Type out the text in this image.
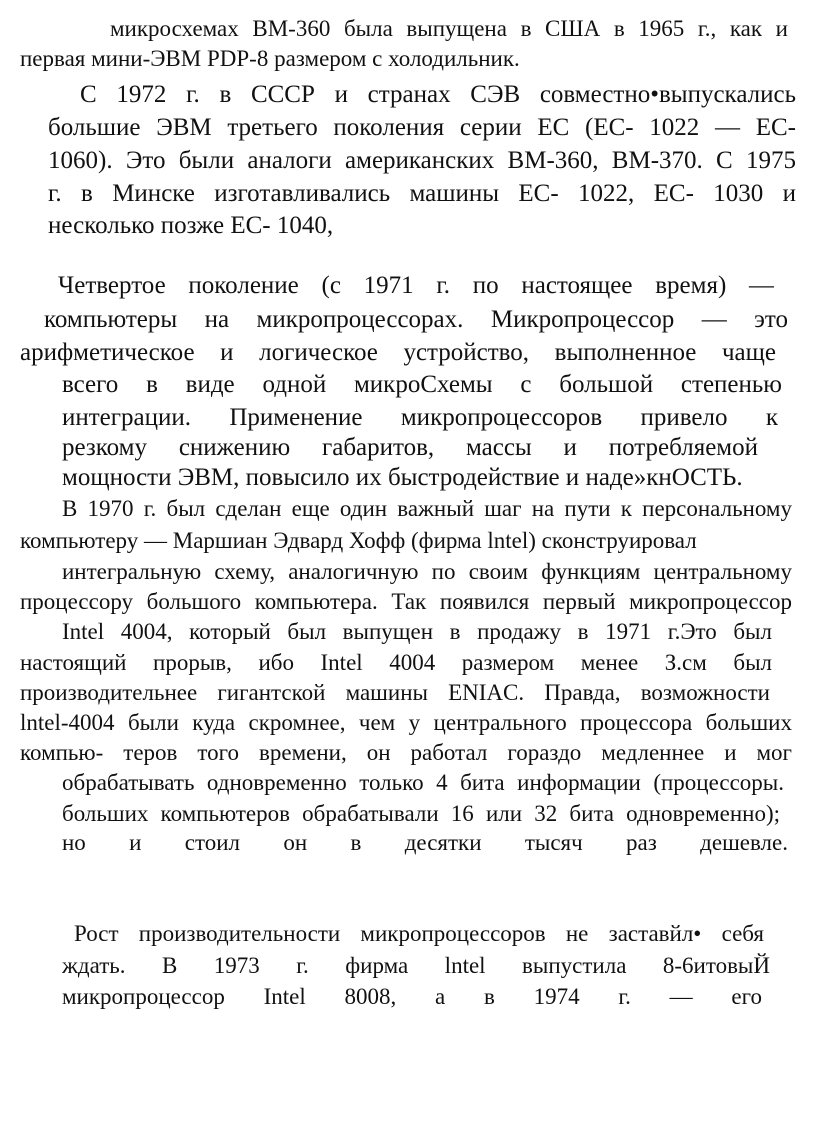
микросхемах ВМ-360 была выпущена в США в 1965 г., как и
первая мини-ЭВМ PDP-8 размером с холодильник.
С 1972 г. в СССР и странах СЭВ совместно•выпускались
большие ЭВМ третьего поколения серии ЕС (ЕС- 1022 — ЕС-
1060). Это были аналоги американских ВМ-360, ВМ-370. С 1975
г. в Минске изготавливались машины ЕС- 1022, ЕС- 1030 и
несколько позже ЕС- 1040,
Четвертое поколение (с 1971 г. по настоящее время) —
компьютеры на микропроцессорах. Микропроцессор — это
арифметическое и логическое устройство, выполненное чаще
всего в виде одной микроСхемы с большой степенью
интеграции. Применение микропроцессоров привело к
резкому снижению габаритов, массы и потребляемой
мощности ЭВМ, повысило их быстродействие и наде»кнОСТЬ.
В 1970 г. был сделан еще один важный шаг на пути к персональному
компьютеру — Маршиан Эдвард Хофф (фирма lntel) сконструировал
интегральную схему, аналогичную по своим функциям центральному
процессору большого компьютера. Так появился первый микропроцессор
Intel 4004, который был выпущен в продажу в 1971 г.Это был
настоящий прорыв, ибо Intel 4004 размером менее З.см был
производительнее гигантской машины ENIAC. Правда, возможности
lntel-4004 были куда скромнее, чем у центрального процессора больших
компью- теров того времени, он работал гораздо медленнее и мог
обрабатывать одновременно только 4 бита информации (процессоры.
больших компьютеров обрабатывали 16 или 32 бита одновременно);
но и стоил он в десятки тысяч раз дешевле.
Рост производительности микропроцессоров не заставйл• себя
ждать. В 1973 г. фирма lntel выпустила 8-6итовыЙ
микропроцессор Intel 8008, а в 1974 г. — его
